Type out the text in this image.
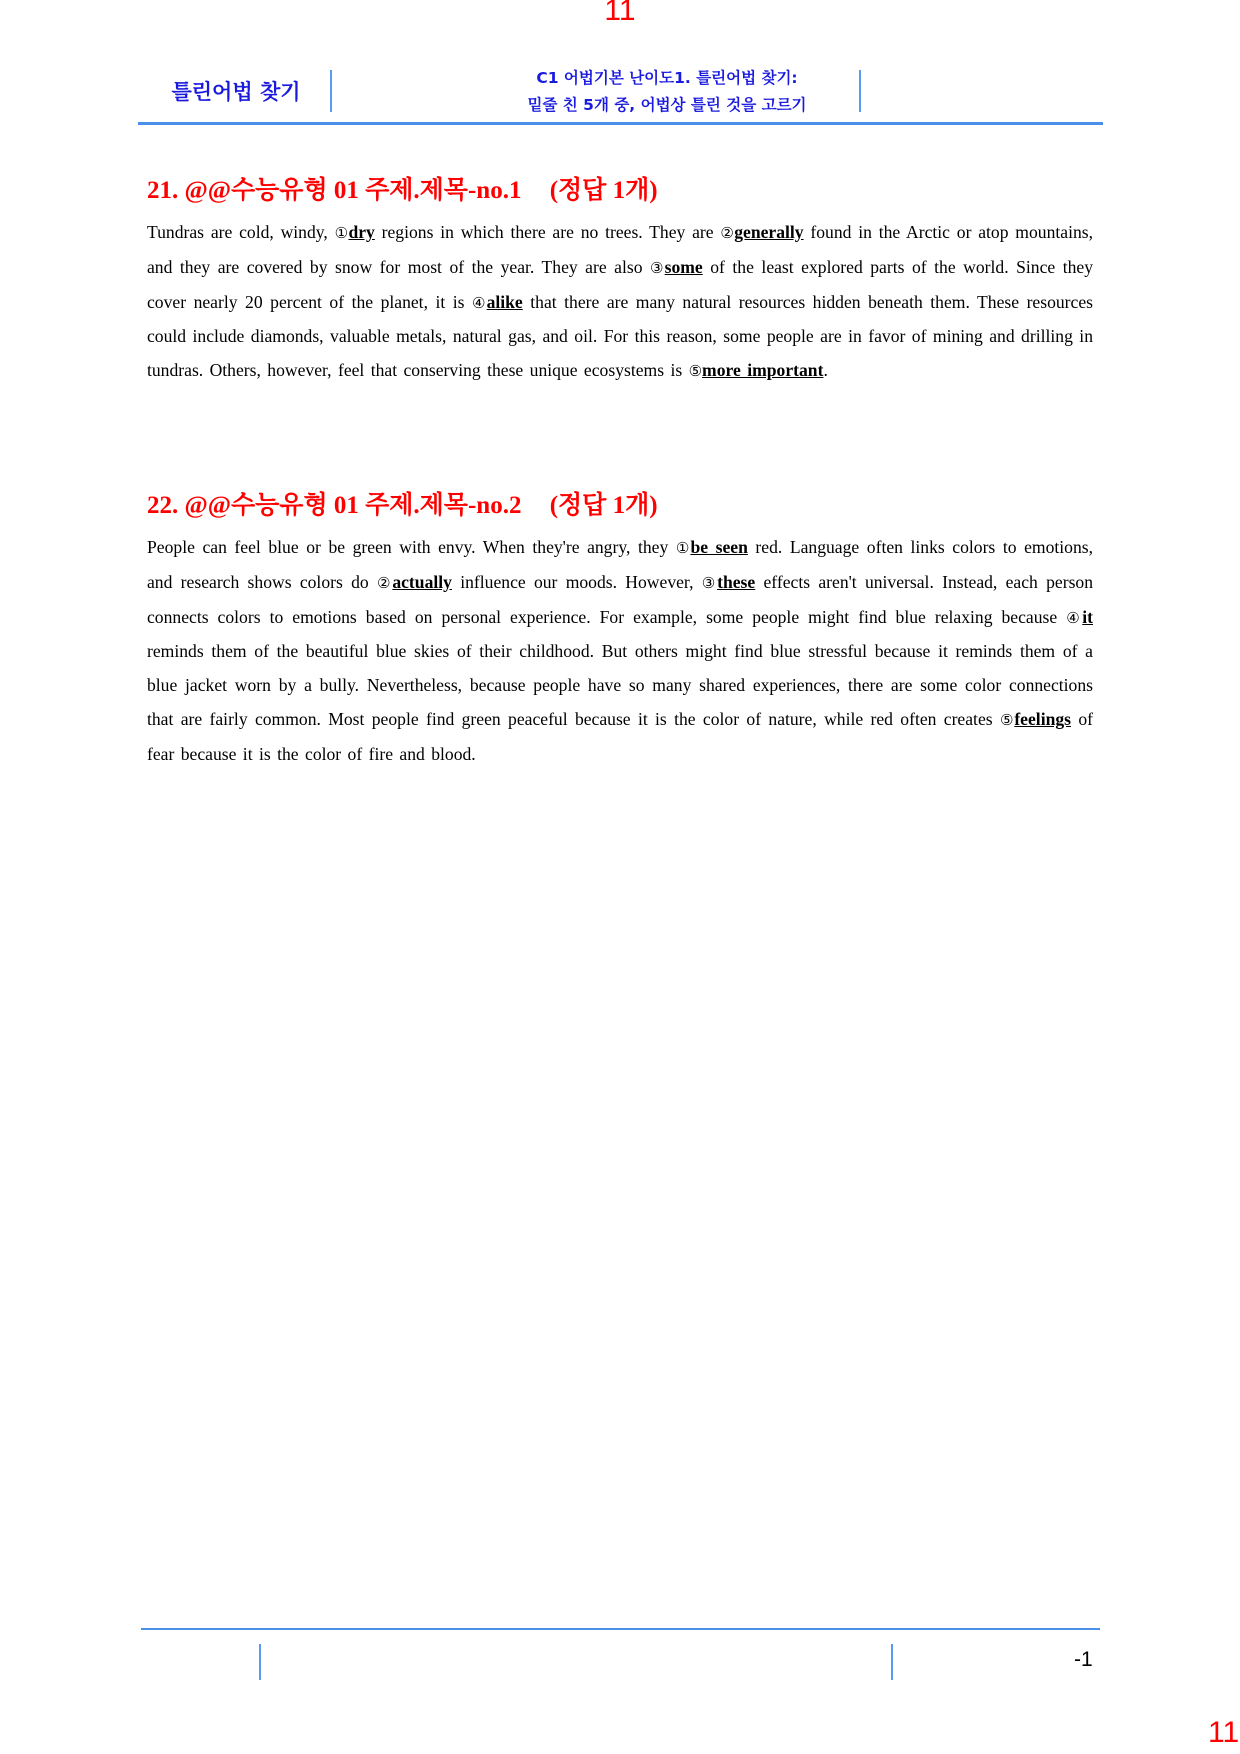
11
틀린어법 찾기
C1 어법기본 난이도1. 틀린어법 찾기:
밑줄 친 5개 중, 어법상 틀린 것을 고르기
21. @@수능유형 01 주제.제목-no.1 (정답 1개)
Tundras are cold, windy, ①dry regions in which there are no trees. They are ②generally found in the Arctic or atop mountains, and they are covered by snow for most of the year. They are also ③some of the least explored parts of the world. Since they cover nearly 20 percent of the planet, it is ④alike that there are many natural resources hidden beneath them. These resources could include diamonds, valuable metals, natural gas, and oil. For this reason, some people are in favor of mining and drilling in tundras. Others, however, feel that conserving these unique ecosystems is ⑤more important.
22. @@수능유형 01 주제.제목-no.2 (정답 1개)
People can feel blue or be green with envy. When they're angry, they ①be seen red. Language often links colors to emotions, and research shows colors do ②actually influence our moods. However, ③these effects aren't universal. Instead, each person connects colors to emotions based on personal experience. For example, some people might find blue relaxing because ④it reminds them of the beautiful blue skies of their childhood. But others might find blue stressful because it reminds them of a blue jacket worn by a bully. Nevertheless, because people have so many shared experiences, there are some color connections that are fairly common. Most people find green peaceful because it is the color of nature, while red often creates ⑤feelings of fear because it is the color of fire and blood.
-1
11
